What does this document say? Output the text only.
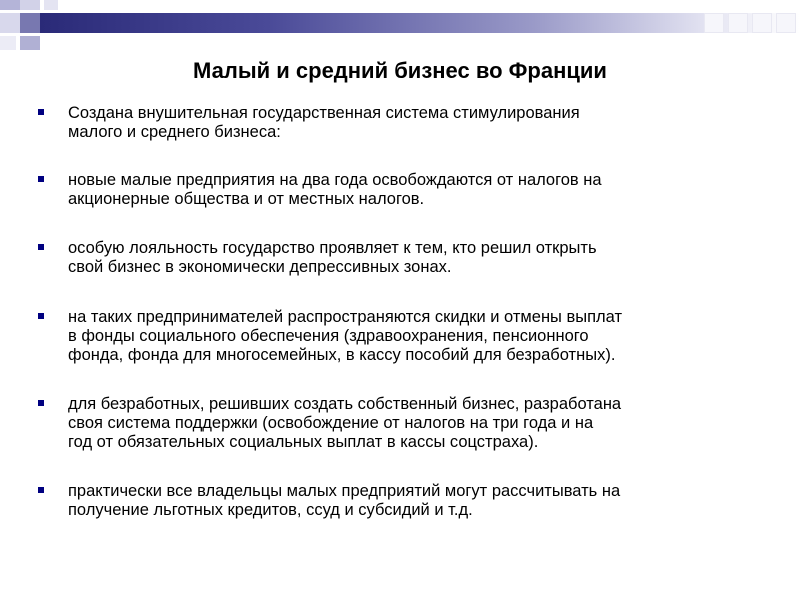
Малый и средний бизнес во Франции
Создана внушительная государственная система стимулирования
малого и среднего бизнеса:
новые малые предприятия на два года освобождаются от налогов на
акционерные общества и от местных налогов.
особую лояльность государство проявляет к тем, кто решил открыть
свой бизнес в экономически депрессивных зонах.
на таких предпринимателей распространяются скидки и отмены выплат
в фонды социального обеспечения (здравоохранения, пенсионного
фонда, фонда для многосемейных, в кассу пособий для безработных).
для безработных, решивших создать собственный бизнес, разработана
своя система поддержки (освобождение от налогов на три года и на
год от обязательных социальных выплат в кассы соцстраха).
практически все владельцы малых предприятий могут рассчитывать на
получение льготных кредитов, ссуд и субсидий и т.д.
